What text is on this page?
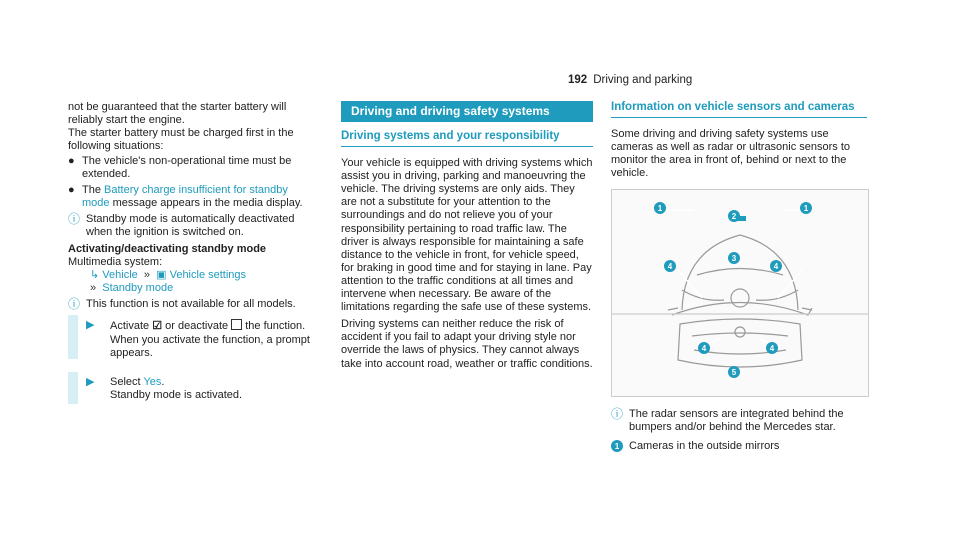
192 Driving and parking

not be guaranteed that the starter battery will reliably start the engine.

The starter battery must be charged first in the following situations:

● The vehicle's non-operational time must be extended.
● The Battery charge insufficient for standby mode message appears in the media display.
ⓘ Standby mode is automatically deactivated when the ignition is switched on.

Activating/deactivating standby mode

Multimedia system:

↳ Vehicle  »  ▣ Vehicle settings

»  Standby mode

ⓘ This function is not available for all models.
▶	Activate ☑ or deactivate the function.
When you activate the function, a prompt appears.
▶	Select Yes.
Standby mode is activated.
Driving and driving safety systems
Driving systems and your responsibility

Your vehicle is equipped with driving systems which assist you in driving, parking and manoeuvring the vehicle. The driving systems are only aids. They are not a substitute for your attention to the surroundings and do not relieve you of your responsibility pertaining to road traffic law. The driver is always responsible for maintaining a safe distance to the vehicle in front, for vehicle speed, for braking in good time and for staying in lane. Pay attention to the traffic conditions at all times and intervene when necessary. Be aware of the limitations regarding the safe use of these systems.

Driving systems can neither reduce the risk of accident if you fail to adapt your driving style nor override the laws of physics. They cannot always take into account road, weather or traffic conditions.

Information on vehicle sensors and cameras

Some driving and driving safety systems use cameras as well as radar or ultrasonic sensors to monitor the area in front of, behind or next to the vehicle.

1
2
1
3
4	4
4	4
5
ⓘ The radar sensors are integrated behind the bumpers and/or behind the Mercedes star.
1 Cameras in the outside mirrors
